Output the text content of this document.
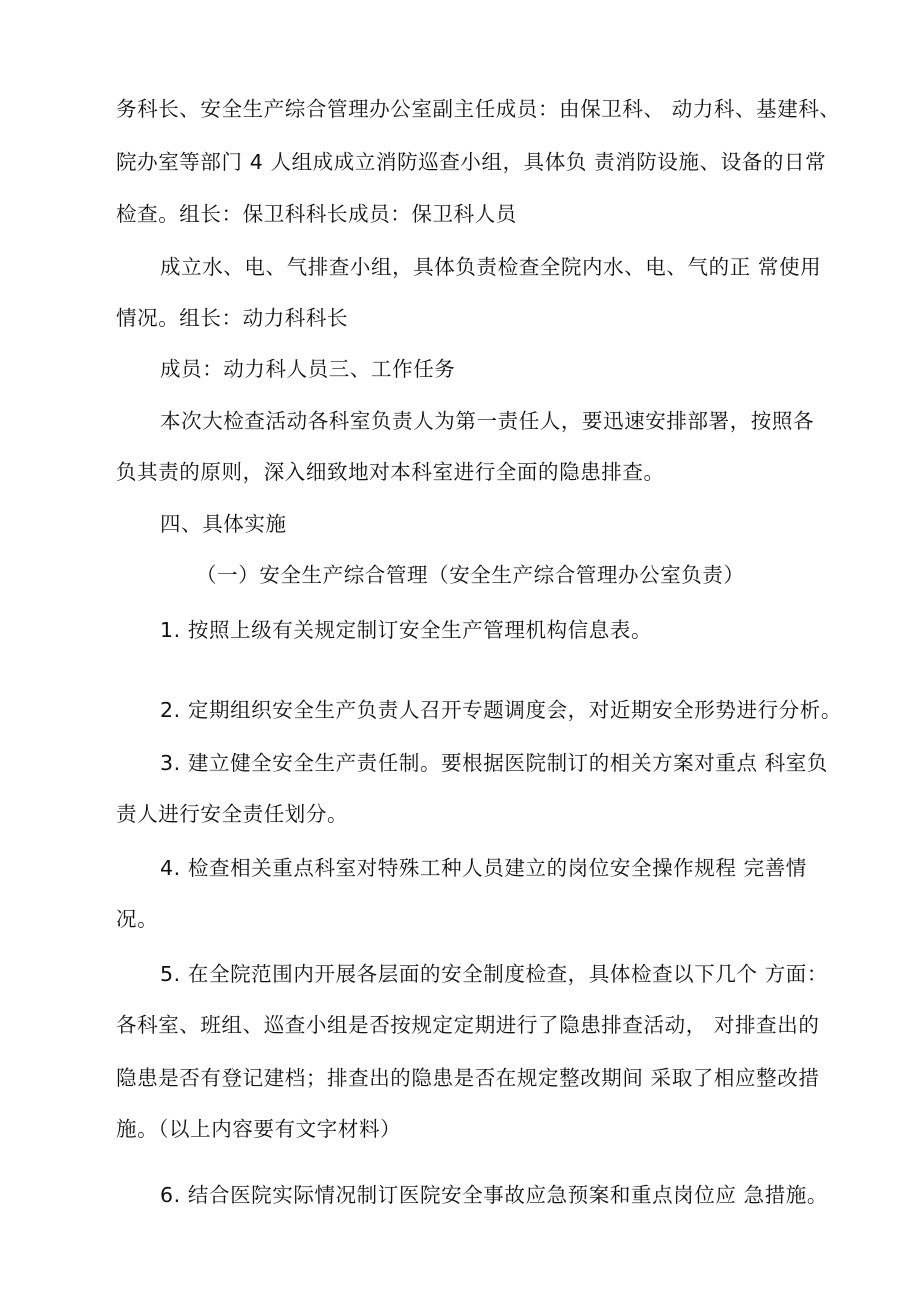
务科长、安全生产综合管理办公室副主任成员：由保卫科、 动力科、基建科、
院办室等部门 4 人组成成立消防巡查小组，具体负 责消防设施、设备的日常
检查。组长：保卫科科长成员：保卫科人员
成立水、电、气排查小组，具体负责检查全院内水、电、气的正 常使用
情况。组长：动力科科长
成员：动力科人员三、工作任务
本次大检查活动各科室负责人为第一责任人，要迅速安排部署，按照各
负其责的原则，深入细致地对本科室进行全面的隐患排查。
四、具体实施
（一）安全生产综合管理（安全生产综合管理办公室负责）
1. 按照上级有关规定制订安全生产管理机构信息表。
2. 定期组织安全生产负责人召开专题调度会，对近期安全形势进行分析。
3. 建立健全安全生产责任制。要根据医院制订的相关方案对重点 科室负
责人进行安全责任划分。
4. 检查相关重点科室对特殊工种人员建立的岗位安全操作规程 完善情
况。
5. 在全院范围内开展各层面的安全制度检查，具体检查以下几个 方面：
各科室、班组、巡查小组是否按规定定期进行了隐患排查活动， 对排查出的
隐患是否有登记建档；排查出的隐患是否在规定整改期间 采取了相应整改措
施。（以上内容要有文字材料）
6. 结合医院实际情况制订医院安全事故应急预案和重点岗位应 急措施。
